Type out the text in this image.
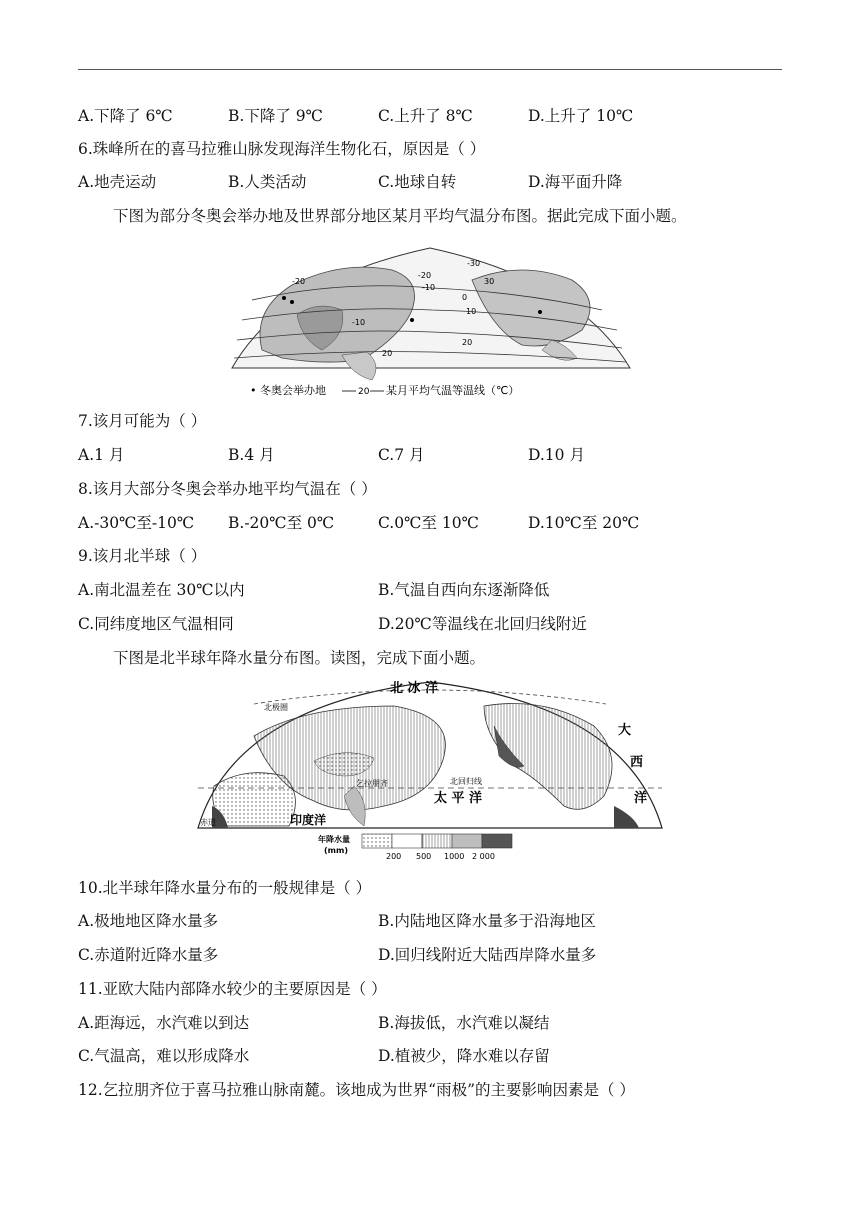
A.下降了 6℃	B.下降了 9℃	C.上升了 8℃	D.上升了 10℃
6.珠峰所在的喜马拉雅山脉发现海洋生物化石，原因是（ ）
A.地壳运动	B.人类活动	C.地球自转	D.海平面升降
下图为部分冬奥会举办地及世界部分地区某月平均气温分布图。据此完成下面小题。
-30
-20
-10
0
10
20
-10
-20	30
20
• 冬奥会举办地	20 某月平均气温等温线（℃）
7.该月可能为（ ）
A.1 月	B.4 月	C.7 月	D.10 月
8.该月大部分冬奥会举办地平均气温在（ ）
A.-30℃至-10℃ B.-20℃至 0℃	C.0℃至 10℃	D.10℃至 20℃
9.该月北半球（ ）
A.南北温差在 30℃以内	B.气温自西向东逐渐降低
C.同纬度地区气温相同	D.20℃等温线在北回归线附近
下图是北半球年降水量分布图。读图，完成下面小题。
北 冰 洋
北极圈
大
西
洋
太 平 洋
北回归线
乞拉朋齐
印度洋
赤道
年降水量
(mm)
200 500 1000 2 000
10.北半球年降水量分布的一般规律是（ ）
A.极地地区降水量多	B.内陆地区降水量多于沿海地区
C.赤道附近降水量多	D.回归线附近大陆西岸降水量多
11.亚欧大陆内部降水较少的主要原因是（ ）
A.距海远，水汽难以到达	B.海拔低，水汽难以凝结
C.气温高，难以形成降水	D.植被少，降水难以存留
12.乞拉朋齐位于喜马拉雅山脉南麓。该地成为世界“雨极”的主要影响因素是（ ）
